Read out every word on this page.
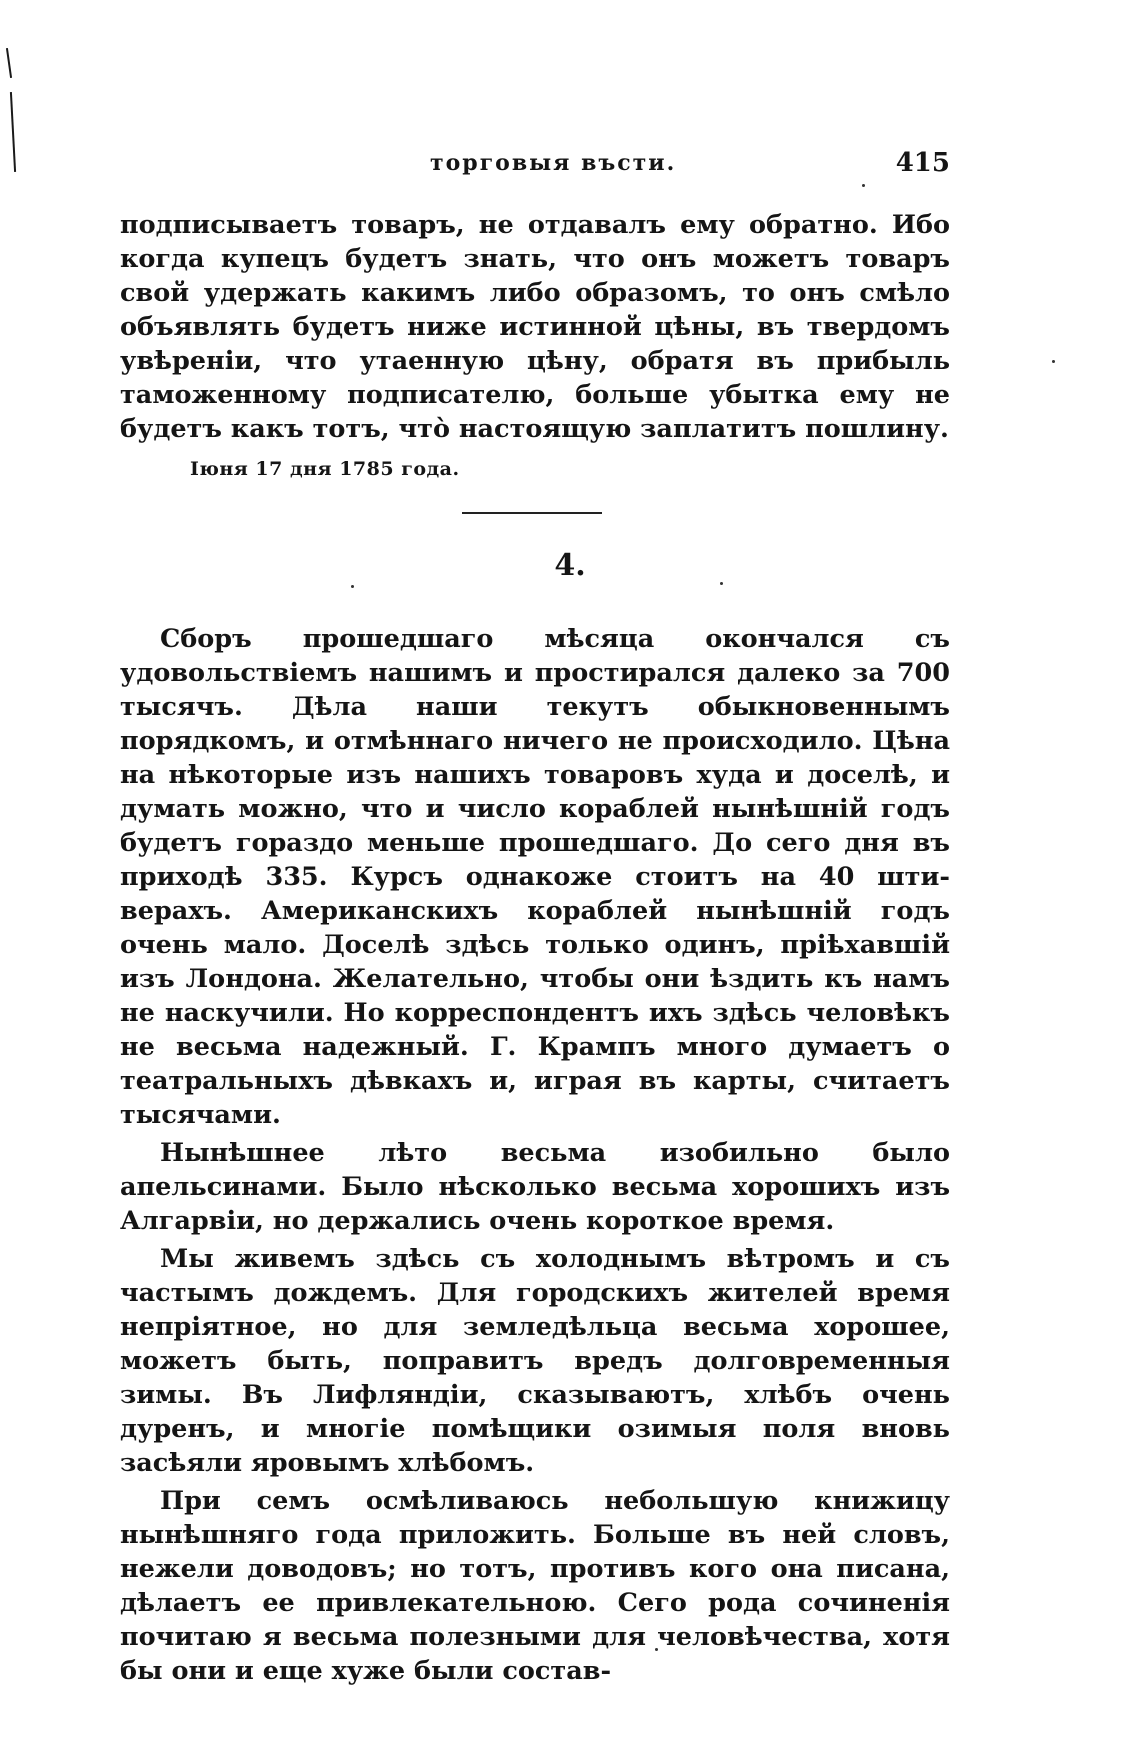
торговыя въсти.	415
подписываетъ товаръ, не отдавалъ ему обратно. Ибо когда купецъ будетъ знать, что онъ можетъ товаръ свой удержать какимъ либо образомъ, то онъ смѣло объявлять будетъ ниже истинной цѣны, въ твердомъ увѣреніи, что утаенную цѣну, обратя въ прибыль таможенному подписателю, больше убытка ему не будетъ какъ тотъ, что̀ настоящую заплатитъ пошлину.
Іюня 17 дня 1785 года.
4.

Сборъ прошедшаго мѣсяца окончался съ удовольствіемъ нашимъ и простирался далеко за 700 тысячъ. Дѣла наши текутъ обыкновеннымъ порядкомъ, и отмѣннаго ничего не происходило. Цѣна на нѣкоторые изъ нашихъ товаровъ худа и доселѣ, и думать можно, что и число кораблей нынѣшній годъ будетъ гораздо меньше прошедшаго. До сего дня въ приходѣ 335. Курсъ однакоже стоитъ на 40 штиверахъ. Американскихъ кораблей нынѣшній годъ очень мало. Доселѣ здѣсь только одинъ, пріѣхавшій изъ Лондона. Желательно, чтобы они ѣздить къ намъ не наскучили. Но корреспондентъ ихъ здѣсь человѣкъ не весьма надежный. Г. Крампъ много думаетъ о театральныхъ дѣвкахъ и, играя въ карты, считаетъ тысячами.

Нынѣшнее лѣто весьма изобильно было апельсинами. Было нѣсколько весьма хорошихъ изъ Алгарвіи, но держались очень короткое время.

Мы живемъ здѣсь съ холоднымъ вѣтромъ и съ частымъ дождемъ. Для городскихъ жителей время непріятное, но для земледѣльца весьма хорошее, можетъ быть, поправитъ вредъ долговременныя зимы. Въ Лифляндіи, сказываютъ, хлѣбъ очень дуренъ, и многіе помѣщики озимыя поля вновь засѣяли яровымъ хлѣбомъ.

При семъ осмѣливаюсь небольшую книжицу нынѣшняго года приложить. Больше въ ней словъ, нежели доводовъ; но тотъ, противъ кого она писана, дѣлаетъ ее привлекательною. Сего рода сочиненія почитаю я весьма полезными для человѣчества, хотя бы они и еще хуже были состав-
